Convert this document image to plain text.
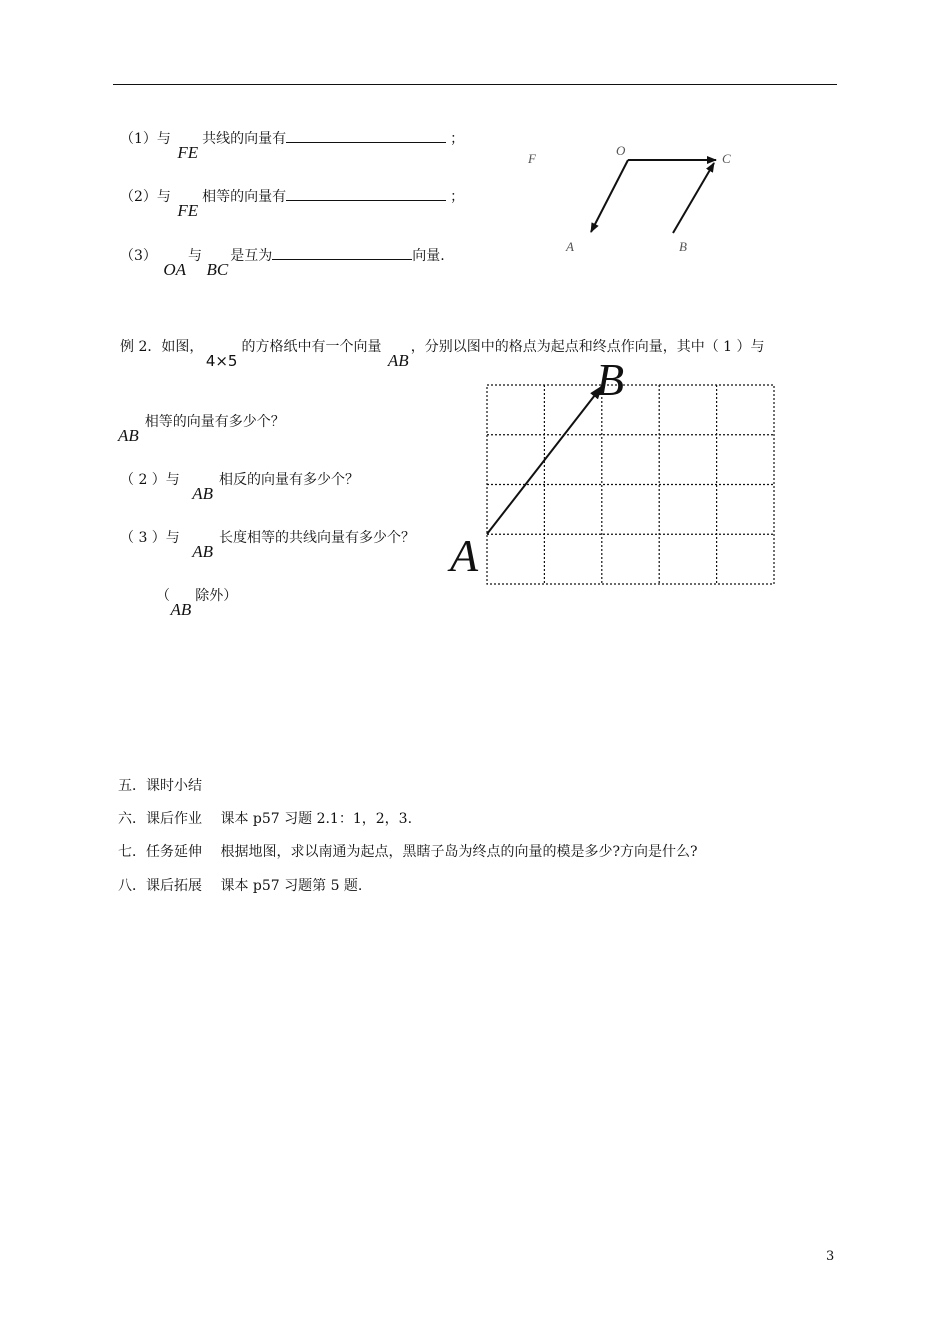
（1）与 FE共线的向量有	；
（2）与 FE相等的向量有	；
（3） OA与 BC是互为	向量.
F
O
C
A	B
例 2．如图， 4×5的方格纸中有一个向量 AB，分别以图中的格点为起点和终点作向量，其中（ 1 ）与
AB相等的向量有多少个？
（ 2 ）与 AB相反的向量有多少个？
（ 3 ）与 AB长度相等的共线向量有多少个？
（ AB除外）
A
B
五．课时小结
六．课后作业　 课本 p57 习题 2.1：1，2，3.
七．任务延伸　 根据地图，求以南通为起点，黑瞎子岛为终点的向量的模是多少?方向是什么?
八．课后拓展　 课本 p57 习题第 5 题.
3
